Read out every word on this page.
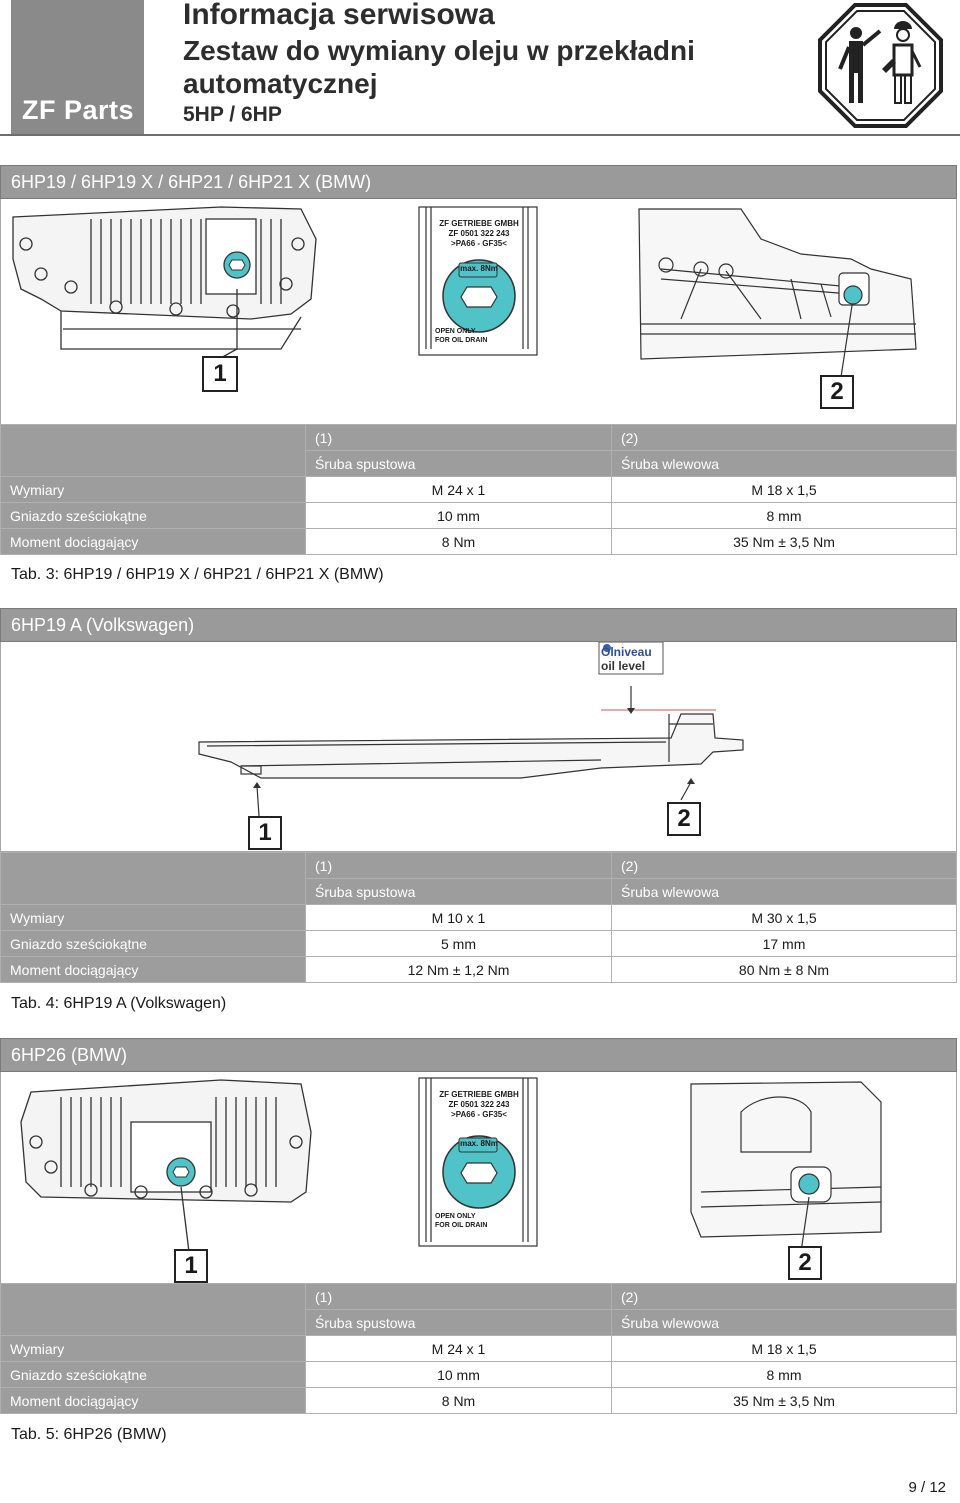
ZF Parts
Informacja serwisowa
Zestaw do wymiany oleju w przekładni automatycznej
5HP / 6HP
6HP19 / 6HP19 X / 6HP21 / 6HP21 X (BMW)
1
2
ZF GETRIEBE GMBH
ZF 0501 322 243
>PA66 - GF35<
max. 8Nm
OPEN ONLY
FOR OIL DRAIN
	(1)	(2)
	Śruba spustowa	Śruba wlewowa
Wymiary	M 24 x 1	M 18 x 1,5
Gniazdo sześciokątne	10 mm	8 mm
Moment dociągający	8 Nm	35 Nm ± 3,5 Nm
Tab. 3: 6HP19 / 6HP19 X / 6HP21 / 6HP21 X (BMW)
6HP19 A (Volkswagen)
Ölniveau
oil level
1
2
	(1)	(2)
	Śruba spustowa	Śruba wlewowa
Wymiary	M 10 x 1	M 30 x 1,5
Gniazdo sześciokątne	5 mm	17 mm
Moment dociągający	12 Nm ± 1,2 Nm	80 Nm ± 8 Nm
Tab. 4: 6HP19 A (Volkswagen)
6HP26 (BMW)
1	2
ZF GETRIEBE GMBH
ZF 0501 322 243
>PA66 - GF35<
max. 8Nm
OPEN ONLY
FOR OIL DRAIN
	(1)	(2)
	Śruba spustowa	Śruba wlewowa
Wymiary	M 24 x 1	M 18 x 1,5
Gniazdo sześciokątne	10 mm	8 mm
Moment dociągający	8 Nm	35 Nm ± 3,5 Nm
Tab. 5: 6HP26 (BMW)
9 / 12
